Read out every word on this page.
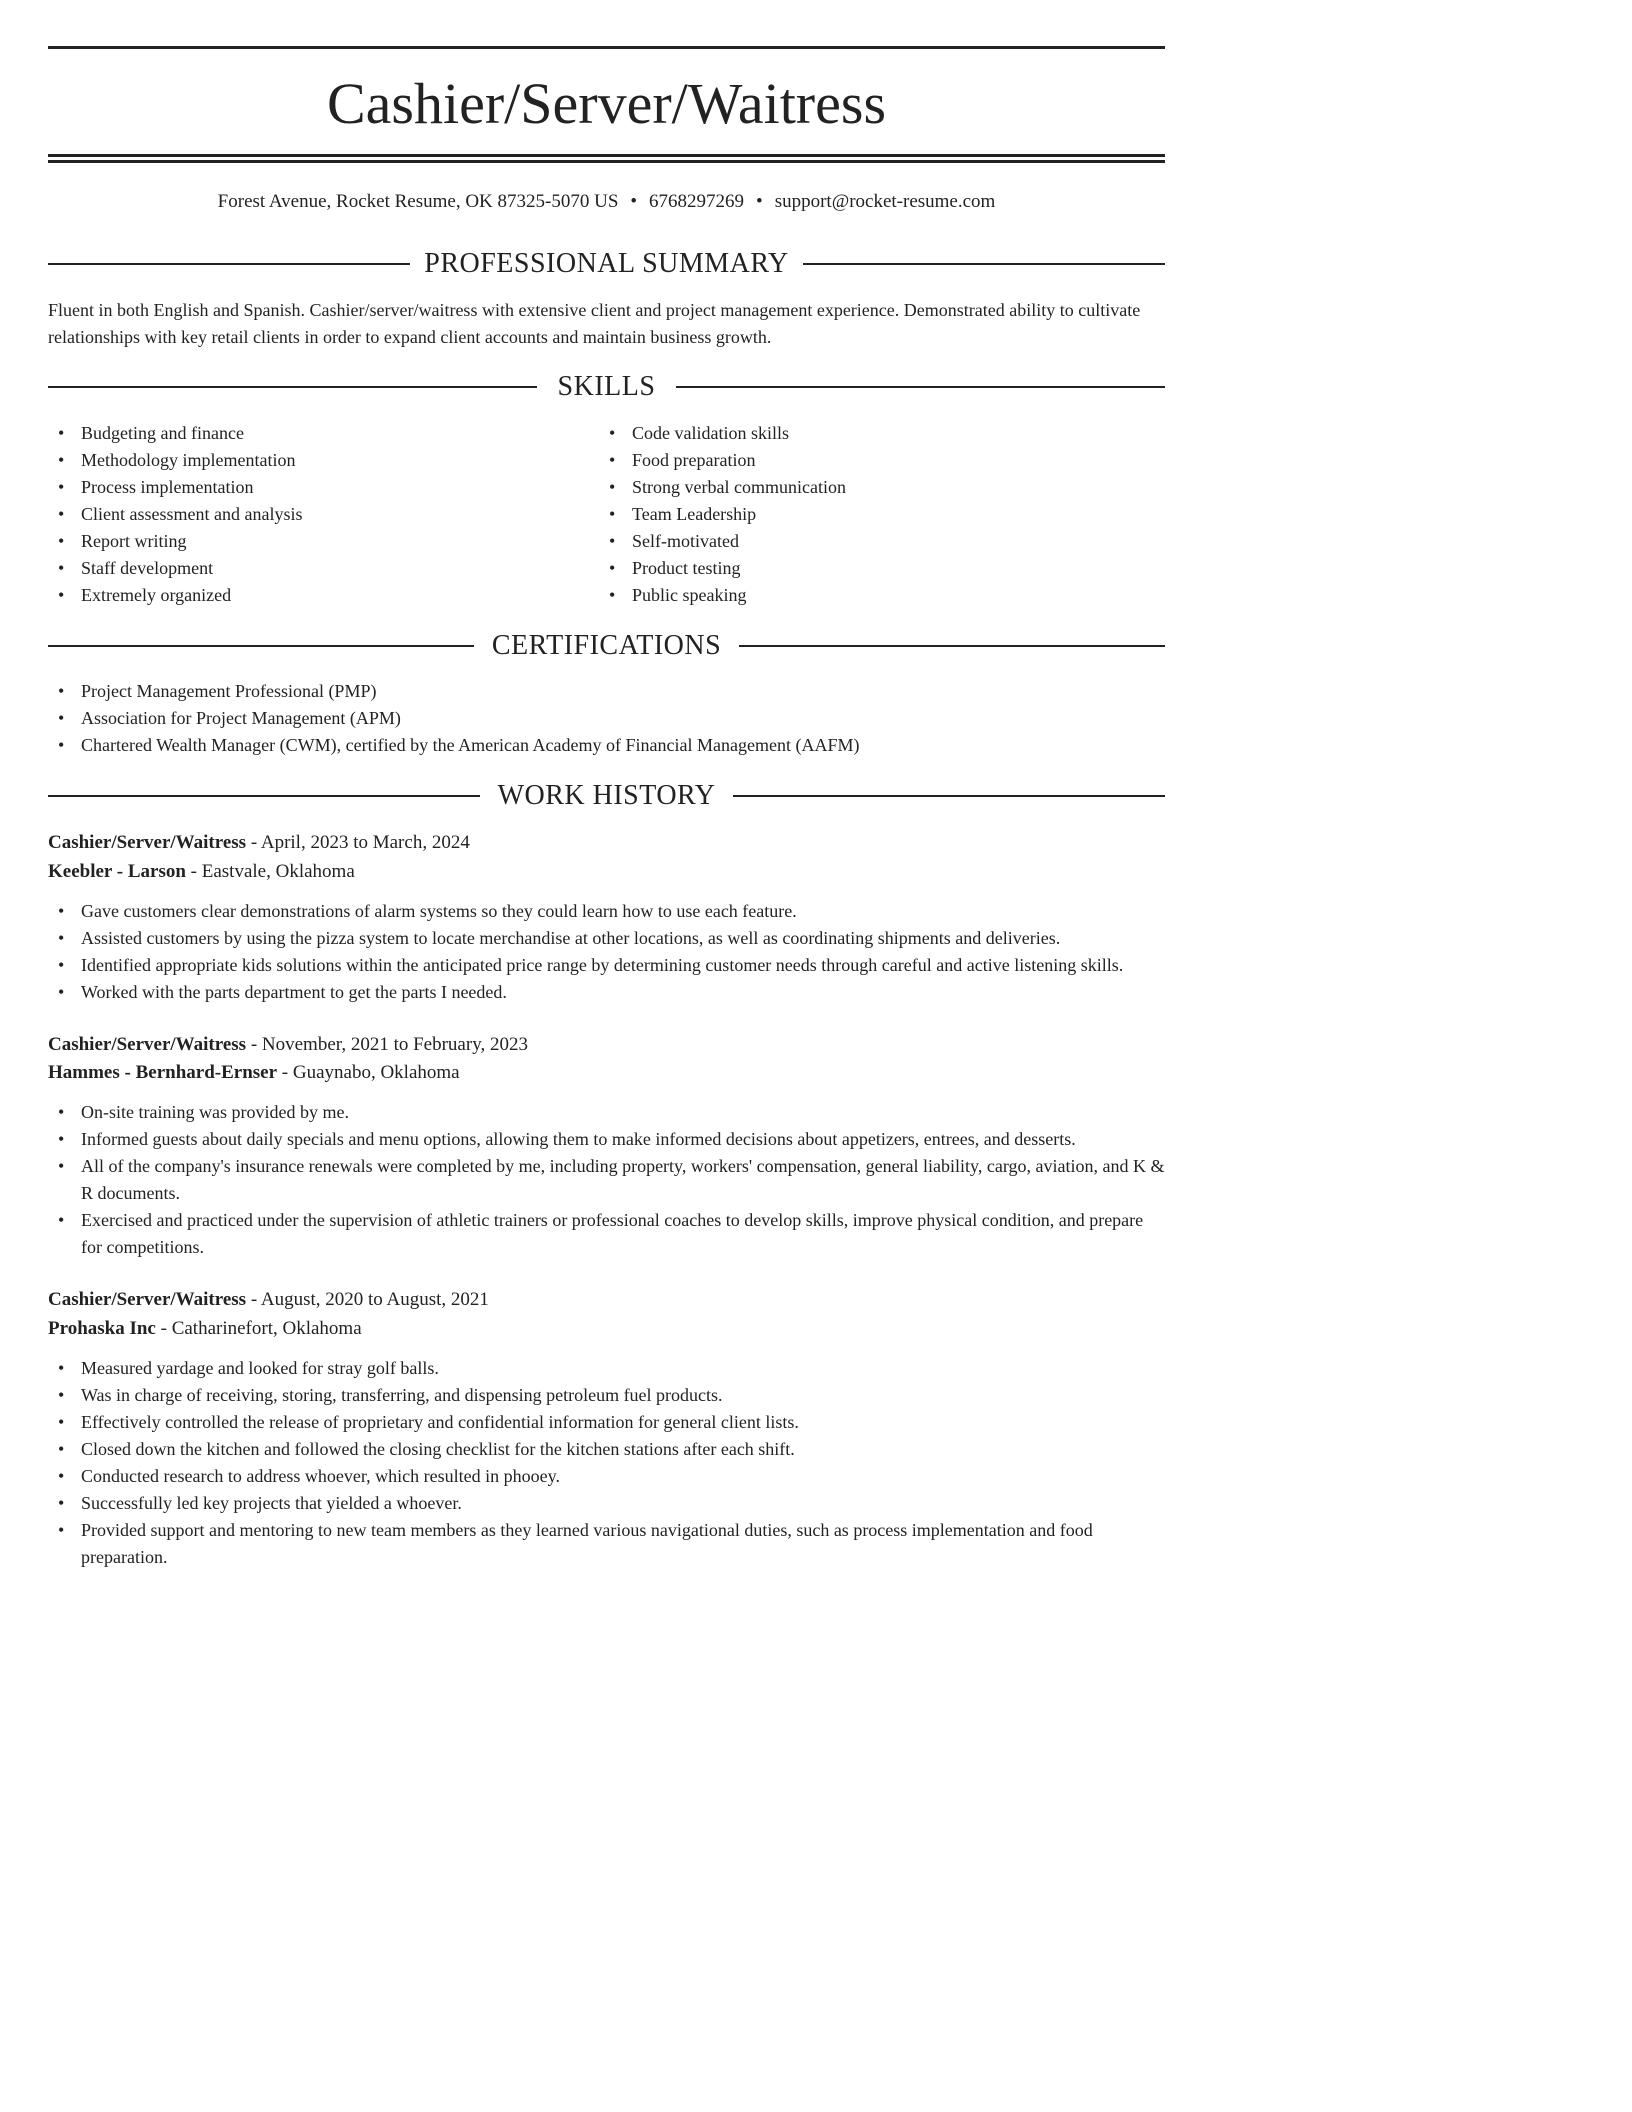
Cashier/Server/Waitress
Forest Avenue, Rocket Resume, OK 87325-5070 US • 6768297269 • support@rocket-resume.com
PROFESSIONAL SUMMARY
Fluent in both English and Spanish. Cashier/server/waitress with extensive client and project management experience. Demonstrated ability to cultivate relationships with key retail clients in order to expand client accounts and maintain business growth.
SKILLS
• Budgeting and finance
• Methodology implementation
• Process implementation
• Client assessment and analysis
• Report writing
• Staff development
• Extremely organized
• Code validation skills
• Food preparation
• Strong verbal communication
• Team Leadership
• Self-motivated
• Product testing
• Public speaking
CERTIFICATIONS
• Project Management Professional (PMP)
• Association for Project Management (APM)
• Chartered Wealth Manager (CWM), certified by the American Academy of Financial Management (AAFM)
WORK HISTORY
Cashier/Server/Waitress - April, 2023 to March, 2024
Keebler - Larson - Eastvale, Oklahoma
• Gave customers clear demonstrations of alarm systems so they could learn how to use each feature.
• Assisted customers by using the pizza system to locate merchandise at other locations, as well as coordinating shipments and deliveries.
• Identified appropriate kids solutions within the anticipated price range by determining customer needs through careful and active listening skills.
• Worked with the parts department to get the parts I needed.
Cashier/Server/Waitress - November, 2021 to February, 2023
Hammes - Bernhard-Ernser - Guaynabo, Oklahoma
• On-site training was provided by me.
• Informed guests about daily specials and menu options, allowing them to make informed decisions about appetizers, entrees, and desserts.
• All of the company's insurance renewals were completed by me, including property, workers' compensation, general liability, cargo, aviation, and K & R documents.
• Exercised and practiced under the supervision of athletic trainers or professional coaches to develop skills, improve physical condition, and prepare for competitions.
Cashier/Server/Waitress - August, 2020 to August, 2021
Prohaska Inc - Catharinefort, Oklahoma
• Measured yardage and looked for stray golf balls.
• Was in charge of receiving, storing, transferring, and dispensing petroleum fuel products.
• Effectively controlled the release of proprietary and confidential information for general client lists.
• Closed down the kitchen and followed the closing checklist for the kitchen stations after each shift.
• Conducted research to address whoever, which resulted in phooey.
• Successfully led key projects that yielded a whoever.
• Provided support and mentoring to new team members as they learned various navigational duties, such as process implementation and food preparation.
